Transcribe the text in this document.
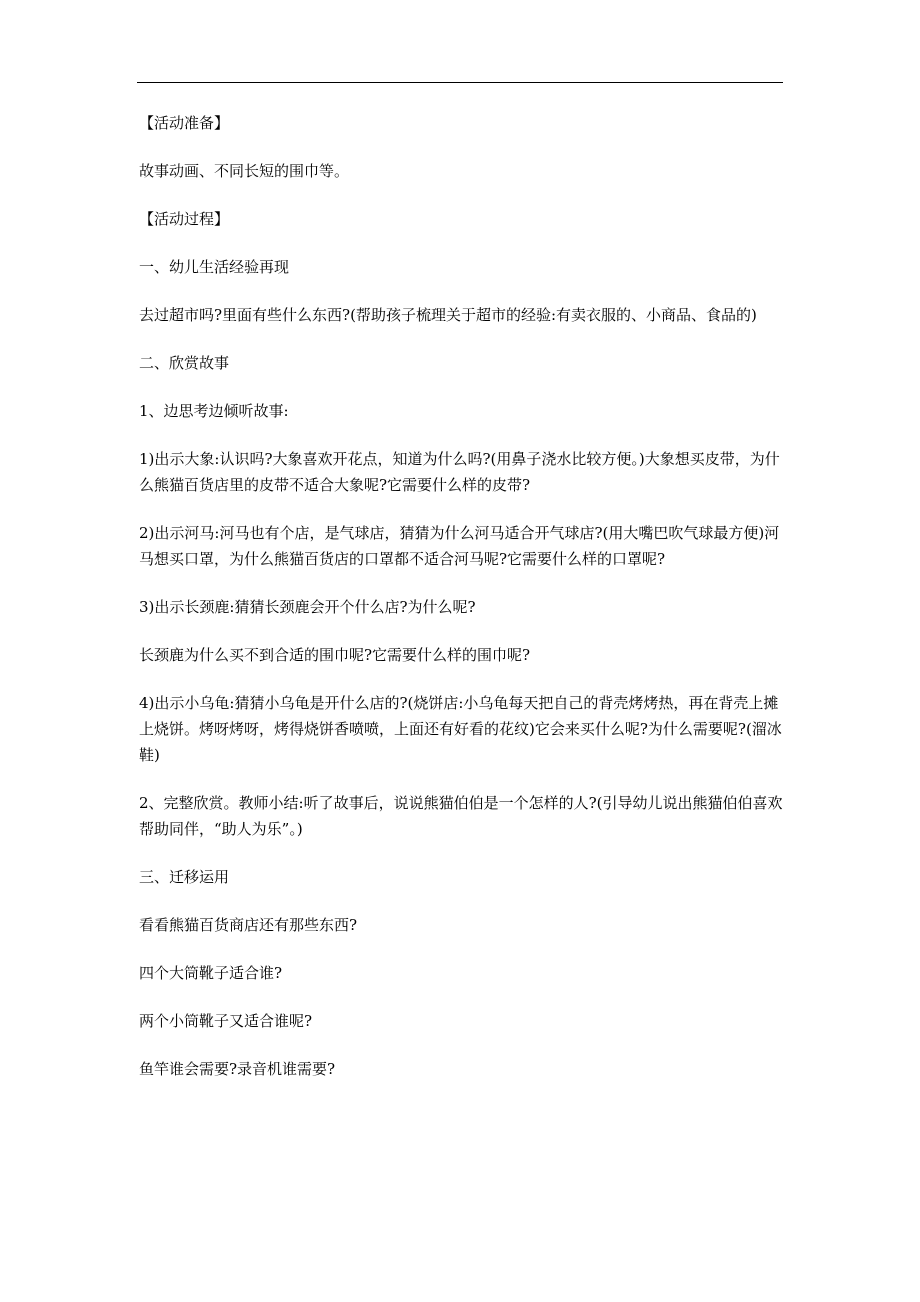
【活动准备】

故事动画、不同长短的围巾等。

【活动过程】

一、幼儿生活经验再现

去过超市吗?里面有些什么东西?(帮助孩子梳理关于超市的经验:有卖衣服的、小商品、食品的)

二、欣赏故事

1、边思考边倾听故事:

1)出示大象:认识吗?大象喜欢开花点，知道为什么吗?(用鼻子浇水比较方便。)大象想买皮带，为什么熊猫百货店里的皮带不适合大象呢?它需要什么样的皮带?

2)出示河马:河马也有个店，是气球店，猜猜为什么河马适合开气球店?(用大嘴巴吹气球最方便)河马想买口罩，为什么熊猫百货店的口罩都不适合河马呢?它需要什么样的口罩呢?

3)出示长颈鹿:猜猜长颈鹿会开个什么店?为什么呢?

长颈鹿为什么买不到合适的围巾呢?它需要什么样的围巾呢?

4)出示小乌龟:猜猜小乌龟是开什么店的?(烧饼店:小乌龟每天把自己的背壳烤烤热，再在背壳上摊上烧饼。烤呀烤呀，烤得烧饼香喷喷，上面还有好看的花纹)它会来买什么呢?为什么需要呢?(溜冰鞋)

2、完整欣赏。教师小结:听了故事后，说说熊猫伯伯是一个怎样的人?(引导幼儿说出熊猫伯伯喜欢帮助同伴，“助人为乐”。)

三、迁移运用

看看熊猫百货商店还有那些东西?

四个大筒靴子适合谁?

两个小筒靴子又适合谁呢?

鱼竿谁会需要?录音机谁需要?
